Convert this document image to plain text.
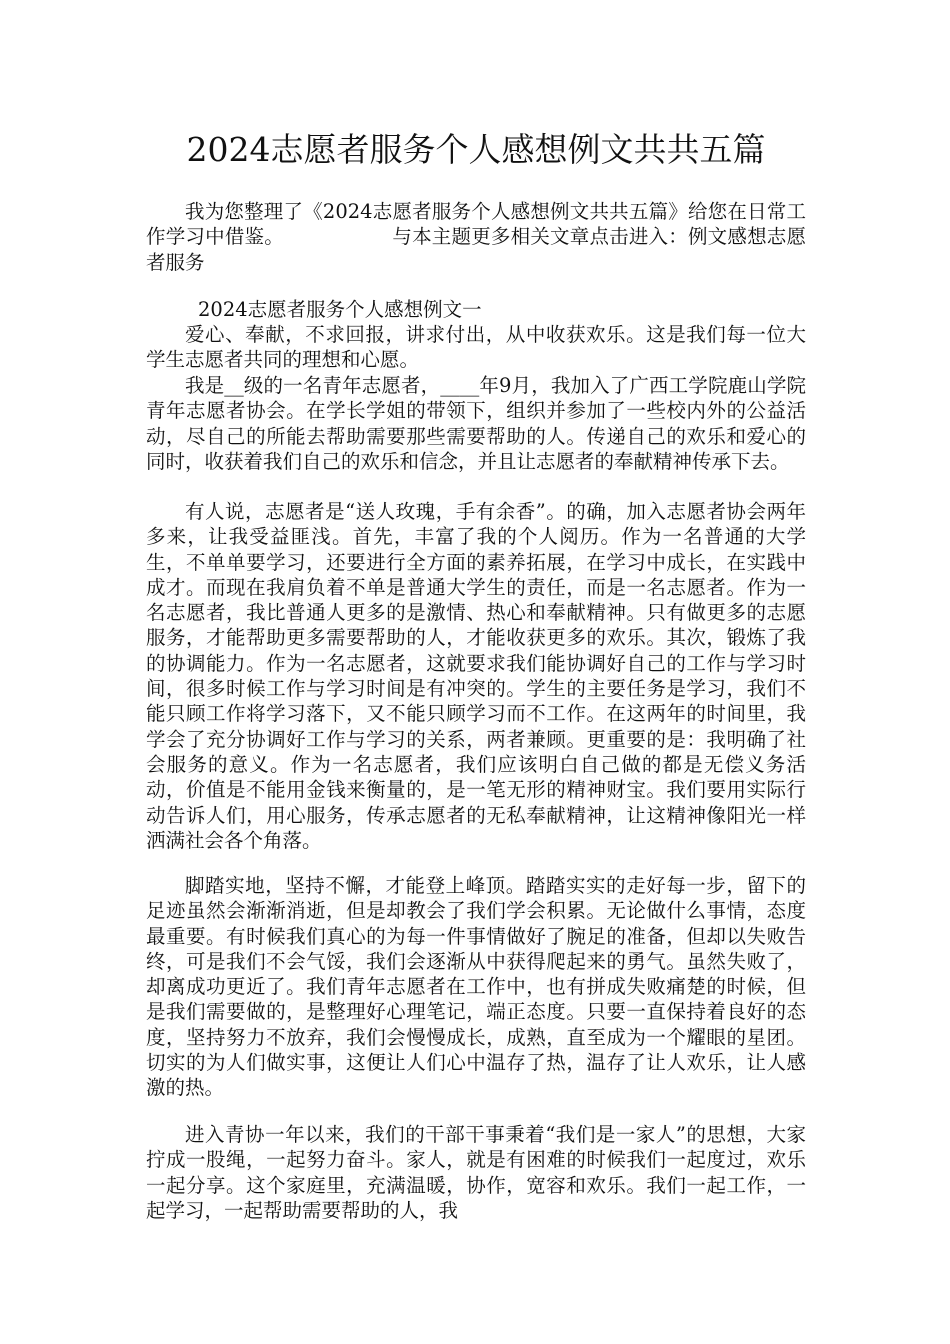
2024志愿者服务个人感想例文共共五篇

我为您整理了《2024志愿者服务个人感想例文共共五篇》给您在日常工作学习中借鉴。　　　　　　与本主题更多相关文章点击进入：例文感想志愿者服务

2024志愿者服务个人感想例文一

爱心、奉献，不求回报，讲求付出，从中收获欢乐。这是我们每一位大学生志愿者共同的理想和心愿。

我是__级的一名青年志愿者，____年9月，我加入了广西工学院鹿山学院青年志愿者协会。在学长学姐的带领下，组织并参加了一些校内外的公益活动，尽自己的所能去帮助需要那些需要帮助的人。传递自己的欢乐和爱心的同时，收获着我们自己的欢乐和信念，并且让志愿者的奉献精神传承下去。

有人说，志愿者是“送人玫瑰，手有余香”。的确，加入志愿者协会两年多来，让我受益匪浅。首先，丰富了我的个人阅历。作为一名普通的大学生，不单单要学习，还要进行全方面的素养拓展，在学习中成长，在实践中成才。而现在我肩负着不单是普通大学生的责任，而是一名志愿者。作为一名志愿者，我比普通人更多的是激情、热心和奉献精神。只有做更多的志愿服务，才能帮助更多需要帮助的人，才能收获更多的欢乐。其次，锻炼了我的协调能力。作为一名志愿者，这就要求我们能协调好自己的工作与学习时间，很多时候工作与学习时间是有冲突的。学生的主要任务是学习，我们不能只顾工作将学习落下，又不能只顾学习而不工作。在这两年的时间里，我学会了充分协调好工作与学习的关系，两者兼顾。更重要的是：我明确了社会服务的意义。作为一名志愿者，我们应该明白自己做的都是无偿义务活动，价值是不能用金钱来衡量的，是一笔无形的精神财宝。我们要用实际行动告诉人们，用心服务，传承志愿者的无私奉献精神，让这精神像阳光一样洒满社会各个角落。

脚踏实地，坚持不懈，才能登上峰顶。踏踏实实的走好每一步，留下的足迹虽然会渐渐消逝，但是却教会了我们学会积累。无论做什么事情，态度最重要。有时候我们真心的为每一件事情做好了腕足的准备，但却以失败告终，可是我们不会气馁，我们会逐渐从中获得爬起来的勇气。虽然失败了，却离成功更近了。我们青年志愿者在工作中，也有拼成失败痛楚的时候，但是我们需要做的，是整理好心理笔记，端正态度。只要一直保持着良好的态度，坚持努力不放弃，我们会慢慢成长，成熟，直至成为一个耀眼的星团。切实的为人们做实事，这便让人们心中温存了热，温存了让人欢乐，让人感激的热。

进入青协一年以来，我们的干部干事秉着“我们是一家人”的思想，大家拧成一股绳，一起努力奋斗。家人，就是有困难的时候我们一起度过，欢乐一起分享。这个家庭里，充满温暖，协作，宽容和欢乐。我们一起工作，一起学习，一起帮助需要帮助的人，我
